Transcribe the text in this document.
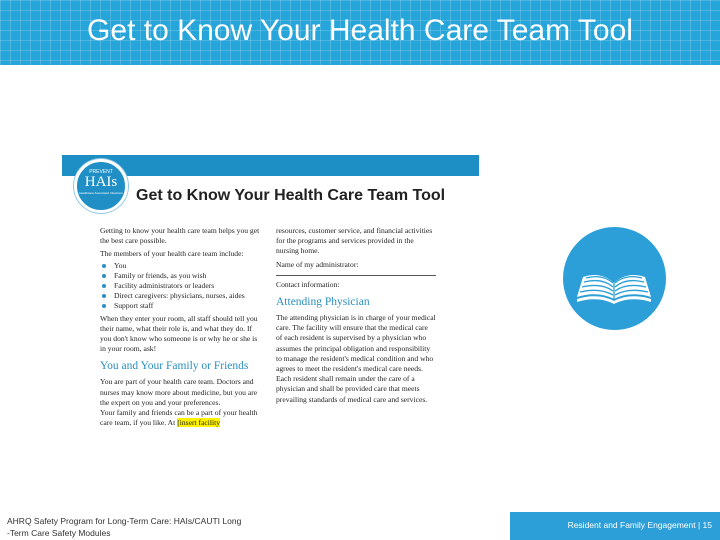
Get to Know Your Health Care Team Tool
PREVENT
HAIs
Healthcare Associated Infections Get to Know Your Health Care Team Tool

Getting to know your health care team helps you get the best care possible.

The members of your health care team include:

You
Family or friends, as you wish
Facility administrators or leaders
Direct caregivers: physicians, nurses, aides
Support staff

When they enter your room, all staff should tell you their name, what their role is, and what they do. If you don't know who someone is or why he or she is in your room, ask!

You and Your Family or Friends

You are part of your health care team. Doctors and nurses may know more about medicine, but you are the expert on you and your preferences.

Your family and friends can be a part of your health care team, if you like. At [insert facility

resources, customer service, and financial activities for the programs and services provided in the nursing home.

Name of my administrator:

Contact information:

Attending Physician

The attending physician is in charge of your medical care. The facility will ensure that the medical care of each resident is supervised by a physician who assumes the principal obligation and responsibility to manage the resident's medical condition and who agrees to meet the resident's medical care needs. Each resident shall remain under the care of a physician and shall be provided care that meets prevailing standards of medical care and services.

AHRQ Safety Program for Long-Term Care: HAIs/CAUTI Long
-Term Care Safety Modules
Resident and Family Engagement | 15
